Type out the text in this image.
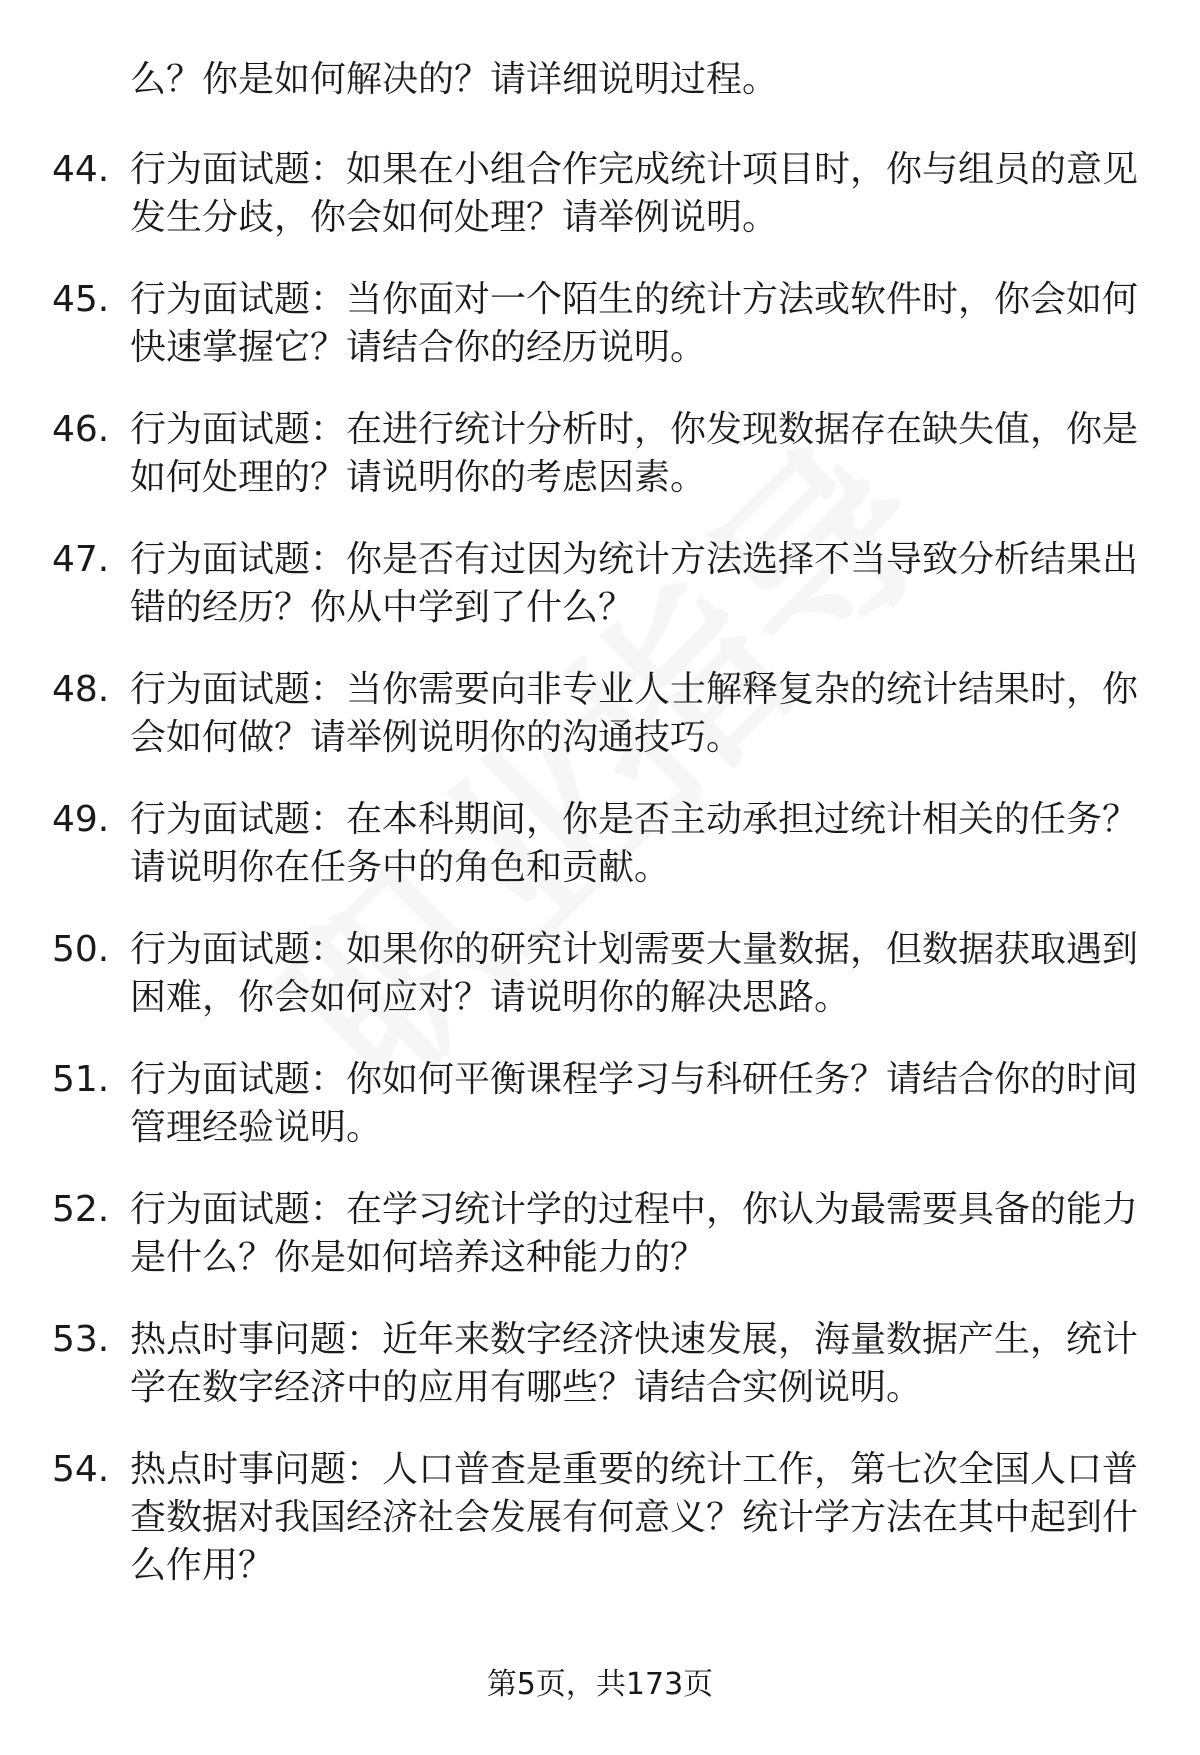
么？你是如何解决的？请详细说明过程。
44. 行为面试题：如果在小组合作完成统计项目时，你与组员的意见发生分歧，你会如何处理？请举例说明。
45. 行为面试题：当你面对一个陌生的统计方法或软件时，你会如何快速掌握它？请结合你的经历说明。
46. 行为面试题：在进行统计分析时，你发现数据存在缺失值，你是如何处理的？请说明你的考虑因素。
47. 行为面试题：你是否有过因为统计方法选择不当导致分析结果出错的经历？你从中学到了什么？
48. 行为面试题：当你需要向非专业人士解释复杂的统计结果时，你会如何做？请举例说明你的沟通技巧。
49. 行为面试题：在本科期间，你是否主动承担过统计相关的任务？请说明你在任务中的角色和贡献。
50. 行为面试题：如果你的研究计划需要大量数据，但数据获取遇到困难，你会如何应对？请说明你的解决思路。
51. 行为面试题：你如何平衡课程学习与科研任务？请结合你的时间管理经验说明。
52. 行为面试题：在学习统计学的过程中，你认为最需要具备的能力是什么？你是如何培养这种能力的？
53. 热点时事问题：近年来数字经济快速发展，海量数据产生，统计学在数字经济中的应用有哪些？请结合实例说明。
54. 热点时事问题：人口普查是重要的统计工作，第七次全国人口普查数据对我国经济社会发展有何意义？统计学方法在其中起到什么作用？
第5页，共173页
